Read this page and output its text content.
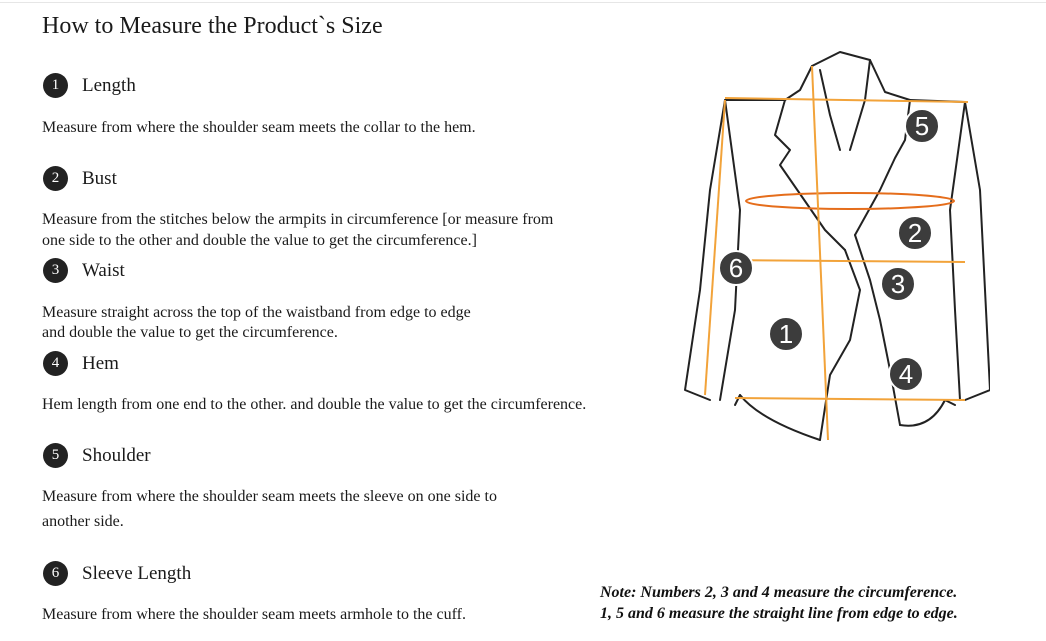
How to Measure the Product`s Size
1	Length
Measure from where the shoulder seam meets the collar to the hem.
2	Bust
Measure from the stitches below the armpits in circumference [or measure from
one side to the other and double the value to get the circumference.]
3	Waist
Measure straight across the top of the waistband from edge to edge
and double the value to get the circumference.
4	Hem
Hem length from one end to the other. and double the value to get the circumference.
5	Shoulder
Measure from where the shoulder seam meets the sleeve on one side to
another side.
6	Sleeve Length
Measure from where the shoulder seam meets armhole to the cuff.
1
2
3
4
5
6
Note: Numbers 2, 3 and 4 measure the circumference.
1, 5 and 6 measure the straight line from edge to edge.
